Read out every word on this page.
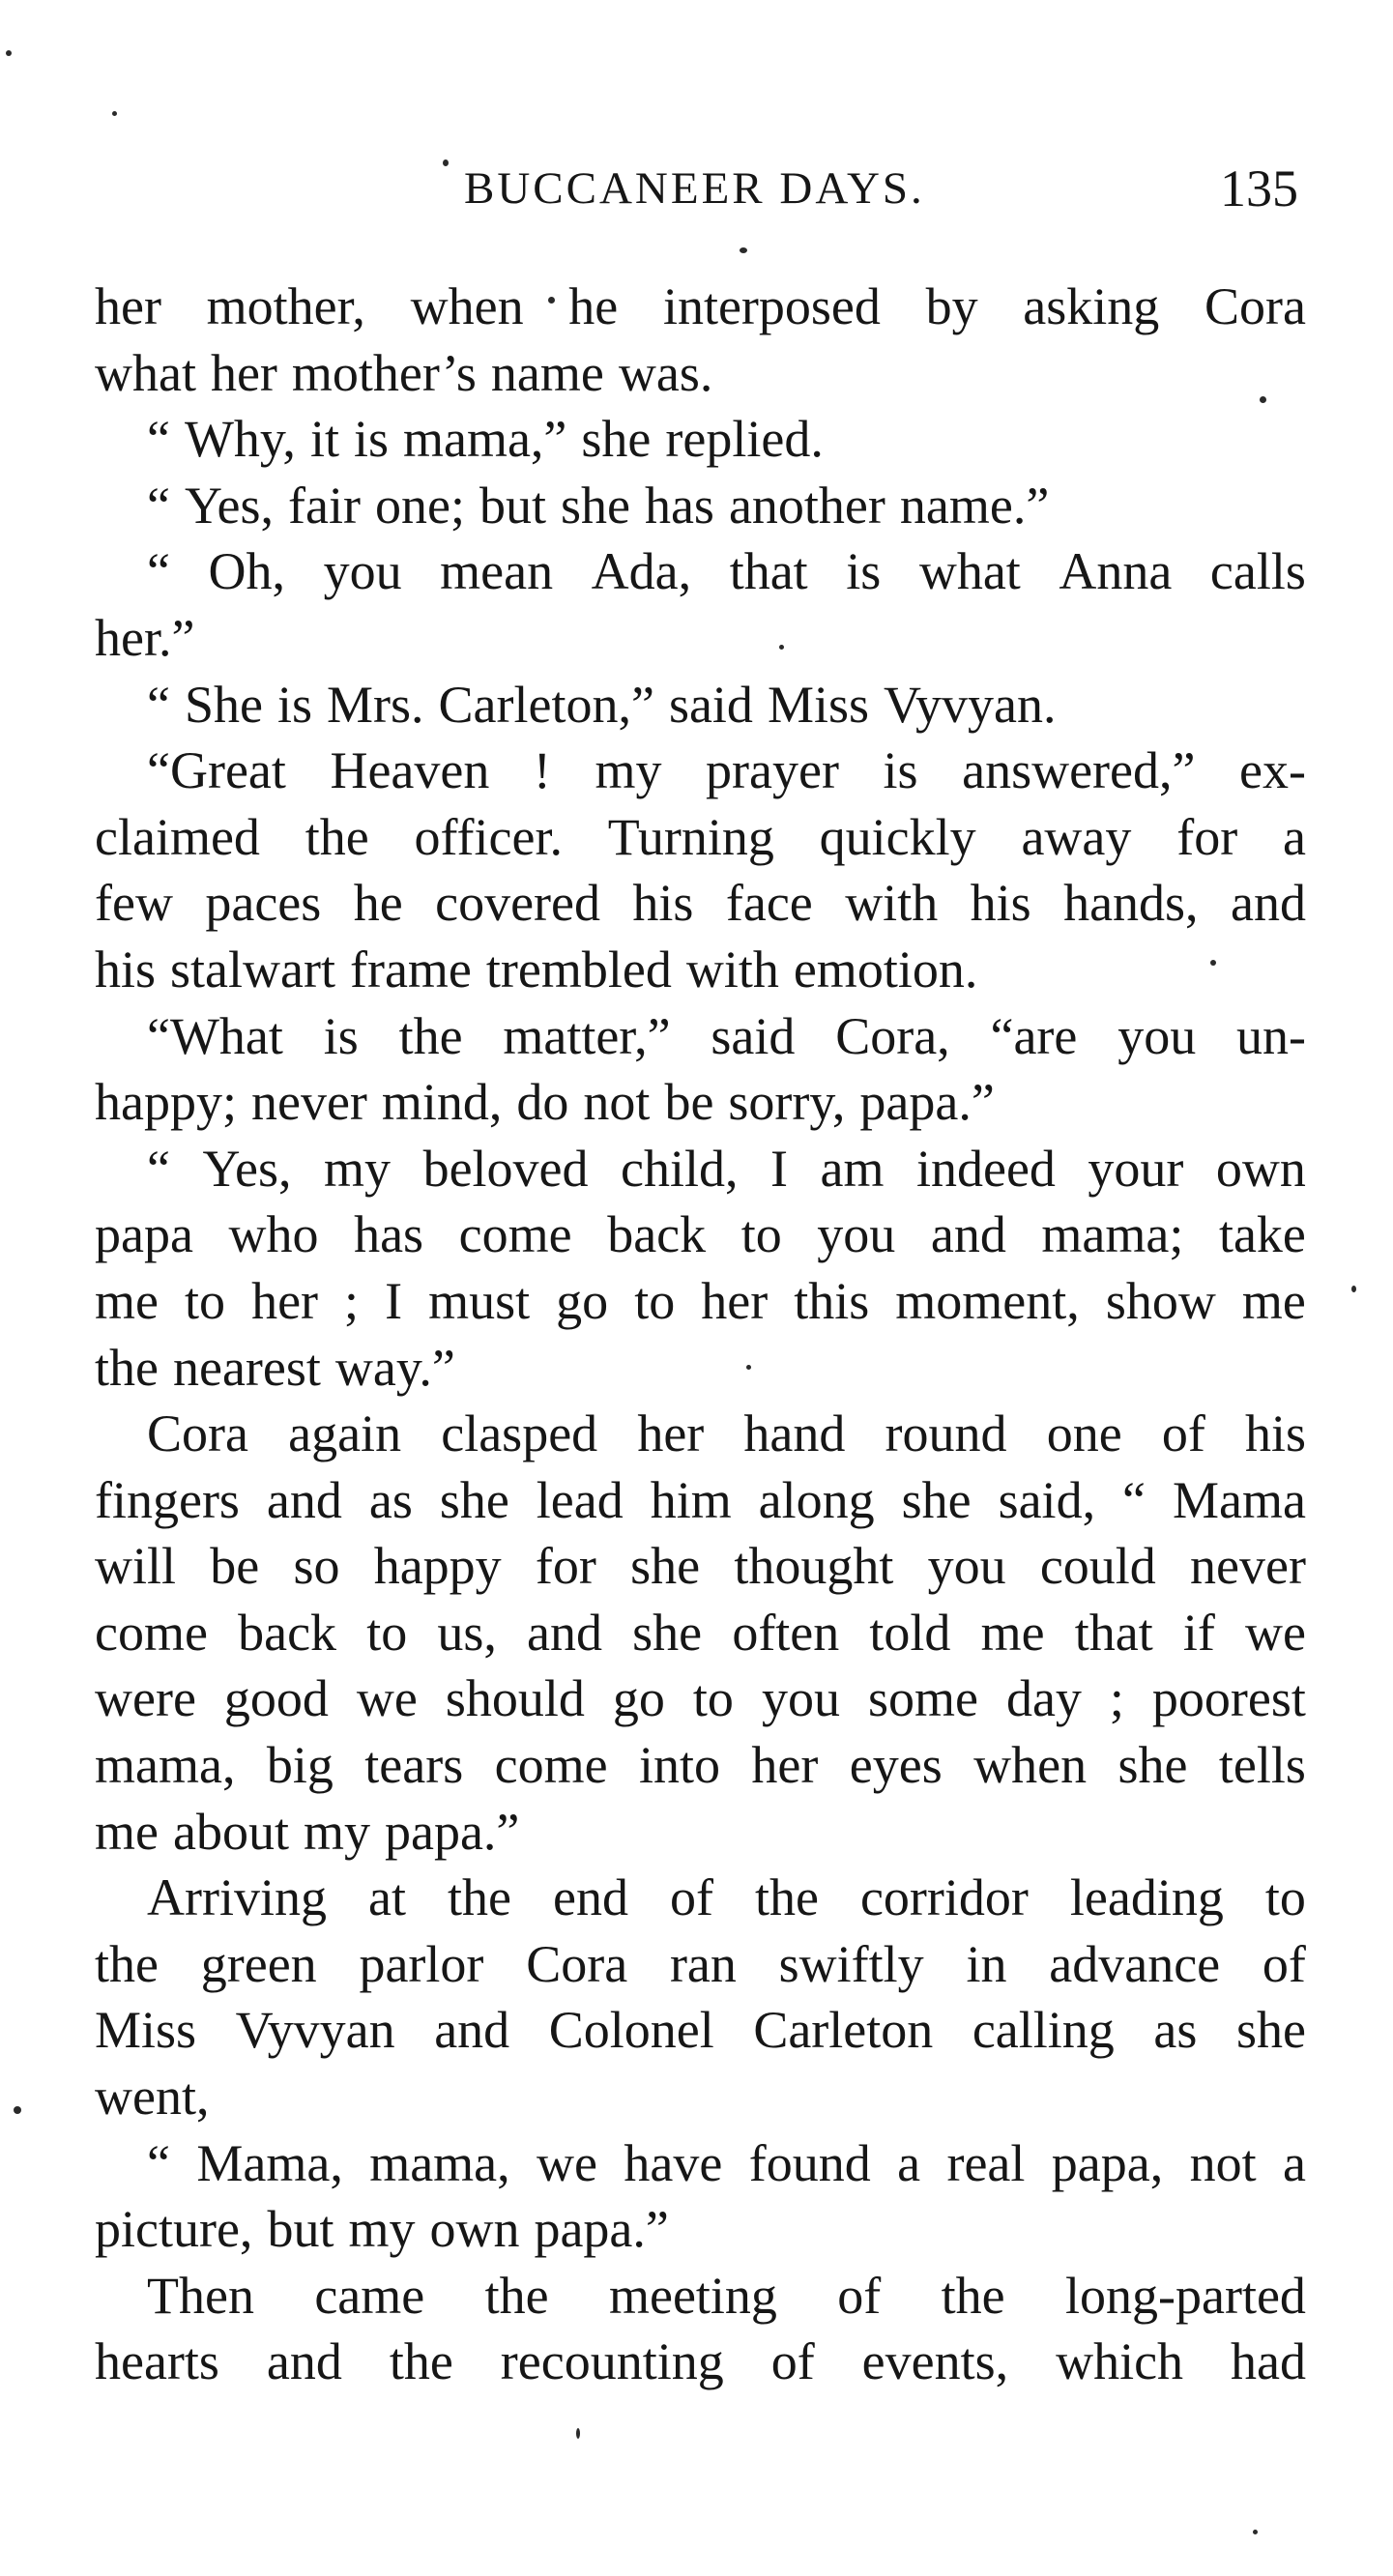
BUCCANEER DAYS.	135
her mother, when he interposed by asking Cora
what her mother’s name was.
“ Why, it is mama,” she replied.
“ Yes, fair one; but she has another name.”
“ Oh, you mean Ada, that is what Anna calls
her.”
“ She is Mrs. Carleton,” said Miss Vyvyan.
“Great Heaven ! my prayer is answered,” ex-
claimed the officer. Turning quickly away for a
few paces he covered his face with his hands, and
his stalwart frame trembled with emotion.
“What is the matter,” said Cora, “are you un-
happy; never mind, do not be sorry, papa.”
“ Yes, my beloved child, I am indeed your own
papa who has come back to you and mama; take
me to her ; I must go to her this moment, show me
the nearest way.”
Cora again clasped her hand round one of his
fingers and as she lead him along she said, “ Mama
will be so happy for she thought you could never
come back to us, and she often told me that if we
were good we should go to you some day ; poorest
mama, big tears come into her eyes when she tells
me about my papa.”
Arriving at the end of the corridor leading to
the green parlor Cora ran swiftly in advance of
Miss Vyvyan and Colonel Carleton calling as she
went,
“ Mama, mama, we have found a real papa, not a
picture, but my own papa.”
Then came the meeting of the long-parted
hearts and the recounting of events, which had
